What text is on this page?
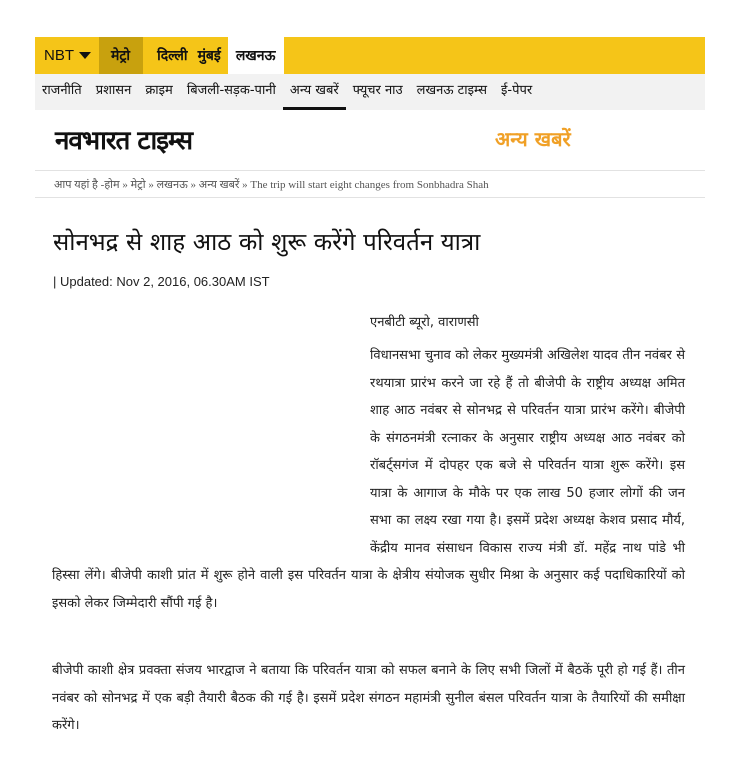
NBT	मेट्रो	दिल्ली मुंबई	लखनऊ
राजनीति	प्रशासन	क्राइम	बिजली-सड़क-पानी	अन्य खबरें	फ्यूचर नाउ	लखनऊ टाइम्स	ई-पेपर
नवभारत टाइम्स	अन्य खबरें
आप यहां है -होम » मेट्रो » लखनऊ » अन्य खबरें » The trip will start eight changes from Sonbhadra Shah
सोनभद्र से शाह आठ को शुरू करेंगे परिवर्तन यात्रा
| Updated: Nov 2, 2016, 06.30AM IST
एनबीटी ब्यूरो, वाराणसी

विधानसभा चुनाव को लेकर मुख्यमंत्री अखिलेश यादव तीन नवंबर से रथयात्रा प्रारंभ करने जा रहे हैं तो बीजेपी के राष्ट्रीय अध्यक्ष अमित शाह आठ नवंबर से सोनभद्र से परिवर्तन यात्रा प्रारंभ करेंगे। बीजेपी के संगठनमंत्री रत्नाकर के अनुसार राष्ट्रीय अध्यक्ष आठ नवंबर को रॉबर्ट्सगंज में दोपहर एक बजे से परिवर्तन यात्रा शुरू करेंगे। इस यात्रा के आगाज के मौके पर एक लाख 50 हजार लोगों की जन सभा का लक्ष्य रखा गया है। इसमें प्रदेश अध्यक्ष केशव प्रसाद मौर्य, केंद्रीय मानव संसाधन विकास राज्य मंत्री डॉ. महेंद्र नाथ पांडे भी हिस्सा लेंगे। बीजेपी काशी प्रांत में शुरू होने वाली इस परिवर्तन यात्रा के क्षेत्रीय संयोजक सुधीर मिश्रा के अनुसार कई पदाधिकारियों को इसको लेकर जिम्मेदारी सौंपी गई है।

बीजेपी काशी क्षेत्र प्रवक्ता संजय भारद्वाज ने बताया कि परिवर्तन यात्रा को सफल बनाने के लिए सभी जिलों में बैठकें पूरी हो गई हैं। तीन नवंबर को सोनभद्र में एक बड़ी तैयारी बैठक की गई है। इसमें प्रदेश संगठन महामंत्री सुनील बंसल परिवर्तन यात्रा के तैयारियों की समीक्षा करेंगे।
